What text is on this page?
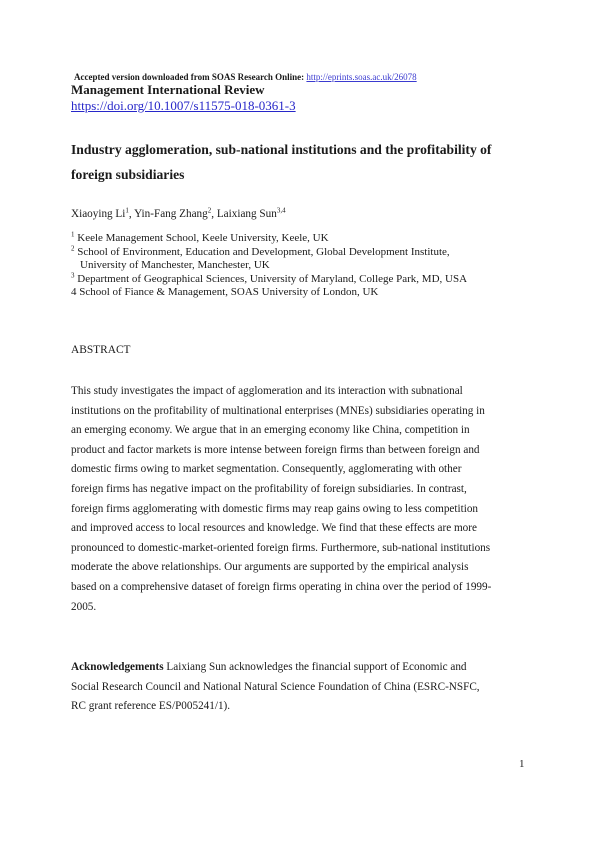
Accepted version downloaded from SOAS Research Online: http://eprints.soas.ac.uk/26078
Management International Review
https://doi.org/10.1007/s11575-018-0361-3
Industry agglomeration, sub-national institutions and the profitability of foreign subsidiaries
Xiaoying Li$^1$, Yin-Fang Zhang$^2$, Laixiang Sun$^{3,4}$
$^1$ Keele Management School, Keele University, Keele, UK
$^2$ School of Environment, Education and Development, Global Development Institute,
University of Manchester, Manchester, UK
$^3$ Department of Geographical Sciences, University of Maryland, College Park, MD, USA
4 School of Fiance & Management, SOAS University of London, UK
ABSTRACT
This study investigates the impact of agglomeration and its interaction with subnational
institutions on the profitability of multinational enterprises (MNEs) subsidiaries operating in
an emerging economy. We argue that in an emerging economy like China, competition in
product and factor markets is more intense between foreign firms than between foreign and
domestic firms owing to market segmentation. Consequently, agglomerating with other
foreign firms has negative impact on the profitability of foreign subsidiaries. In contrast,
foreign firms agglomerating with domestic firms may reap gains owing to less competition
and improved access to local resources and knowledge. We find that these effects are more
pronounced to domestic-market-oriented foreign firms. Furthermore, sub-national institutions
moderate the above relationships. Our arguments are supported by the empirical analysis
based on a comprehensive dataset of foreign firms operating in china over the period of 1999-
2005.
Acknowledgements Laixiang Sun acknowledges the financial support of Economic and
Social Research Council and National Natural Science Foundation of China (ESRC-NSFC,
RC grant reference ES/P005241/1).
1
